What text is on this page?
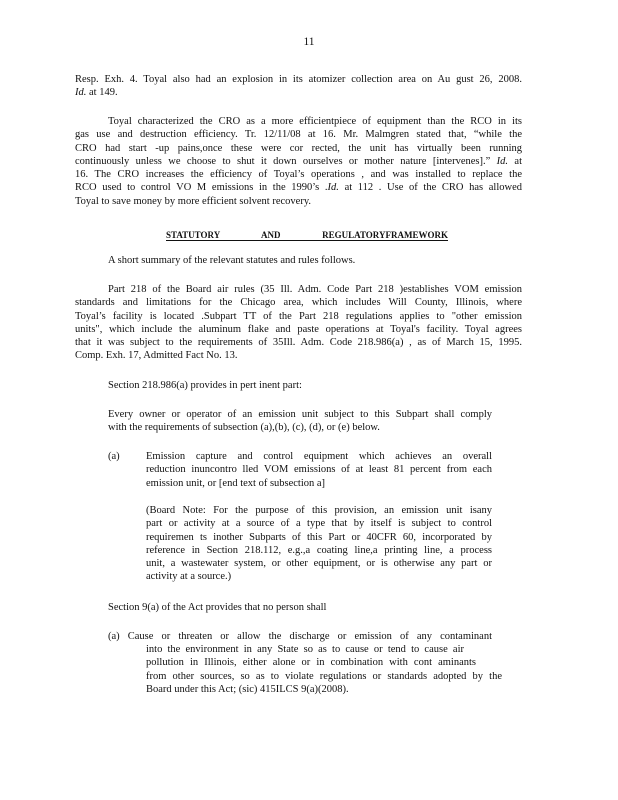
11
Resp. Exh. 4. Toyal also had an explosion in its atomizer collection area on Au gust 26, 2008.
Id. at 149.
Toyal characterized the CRO as a more efficientpiece of equipment than the RCO in its
gas use and destruction efficiency. Tr. 12/11/08 at 16. Mr. Malmgren stated that, “while the
CRO had start -up pains,once these were cor rected, the unit has virtually been running
continuously unless we choose to shut it down ourselves or mother nature [intervenes].” Id. at
16. The CRO increases the efficiency of Toyal’s operations , and was installed to replace the
RCO used to control VO M emissions in the 1990’s .Id. at 112 . Use of the CRO has allowed
Toyal to save money by more efficient solvent recovery.
STATUTORY AND REGULATORYFRAMEWORK
A short summary of the relevant statutes and rules follows.
Part 218 of the Board air rules (35 Ill. Adm. Code Part 218 )establishes VOM emission
standards and limitations for the Chicago area, which includes Will County, Illinois, where
Toyal’s facility is located .Subpart TT of the Part 218 regulations applies to "other emission
units", which include the aluminum flake and paste operations at Toyal's facility. Toyal agrees
that it was subject to the requirements of 35Ill. Adm. Code 218.986(a) , as of March 15, 1995.
Comp. Exh. 17, Admitted Fact No. 13.
Section 218.986(a) provides in pert inent part:
Every owner or operator of an emission unit subject to this Subpart shall comply
with the requirements of subsection (a),(b), (c), (d), or (e) below.
(a)	Emission capture and control equipment which achieves an overall
reduction inuncontro lled VOM emissions of at least 81 percent from each
emission unit, or [end text of subsection a]
(Board Note: For the purpose of this provision, an emission unit isany
part or activity at a source of a type that by itself is subject to control
requiremen ts inother Subparts of this Part or 40CFR 60, incorporated by
reference in Section 218.112, e.g.,a coating line,a printing line, a process
unit, a wastewater system, or other equipment, or is otherwise any part or
activity at a source.)
Section 9(a) of the Act provides that no person shall
(a) Cause or threaten or allow the discharge or emission of any contaminant
into the environment in any State so as to cause or tend to cause air
pollution in Illinois, either alone or in combination with cont aminants
from other sources, so as to violate regulations or standards adopted by the
Board under this Act; (sic) 415ILCS 9(a)(2008).
